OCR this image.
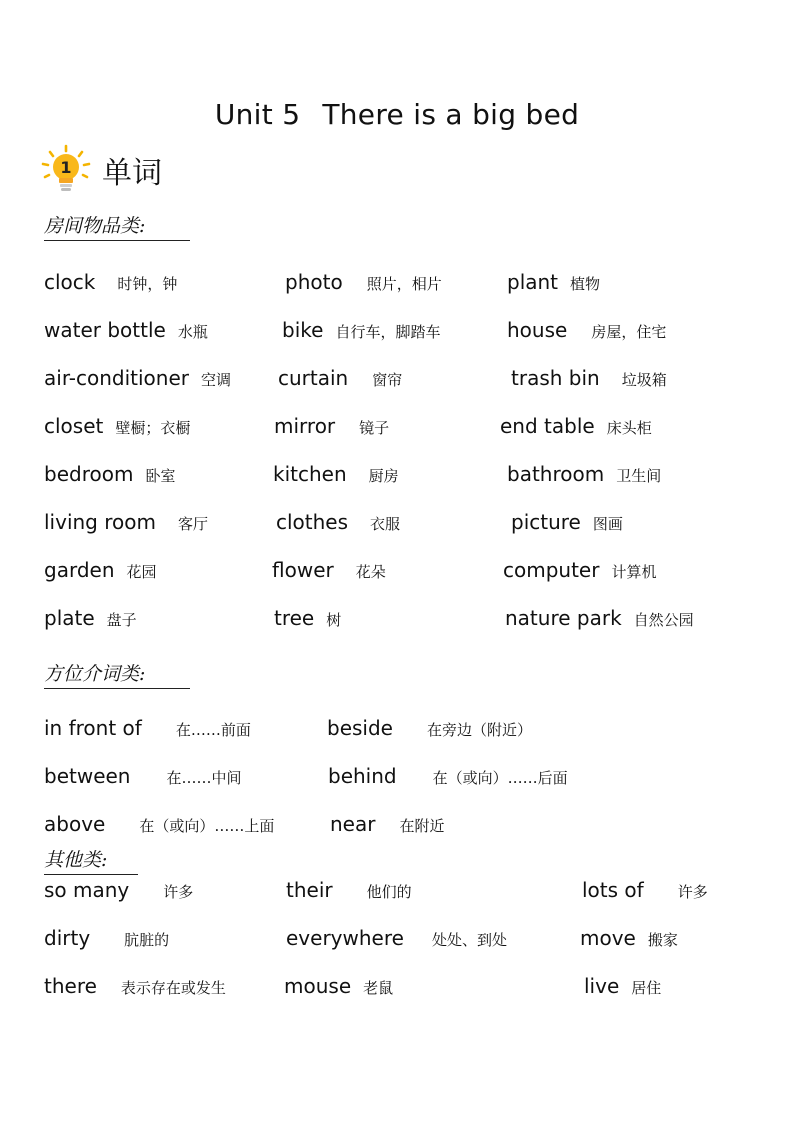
Unit 5 There is a big bed
1 单词
房间物品类:
clock 时钟，钟	photo 照片，相片	plant 植物
water bottle 水瓶	bike 自行车，脚踏车	house 房屋，住宅
air-conditioner 空调 curtain 窗帘	trash bin 垃圾箱
closet 壁橱；衣橱	mirror 镜子	end table 床头柜
bedroom 卧室	kitchen 厨房	bathroom 卫生间
living room 客厅	clothes 衣服	picture 图画
garden 花园	flower 花朵	computer 计算机
plate 盘子	tree 树	nature park 自然公园
方位介词类:
in front of 在……前面	beside 在旁边（附近）
between 在……中间	behind 在（或向）……后面
above 在（或向）……上面	near 在附近
其他类:
so many 许多	their 他们的	lots of 许多
dirty 肮脏的	everywhere 处处、到处	move 搬家
there 表示存在或发生	mouse 老鼠	live 居住
